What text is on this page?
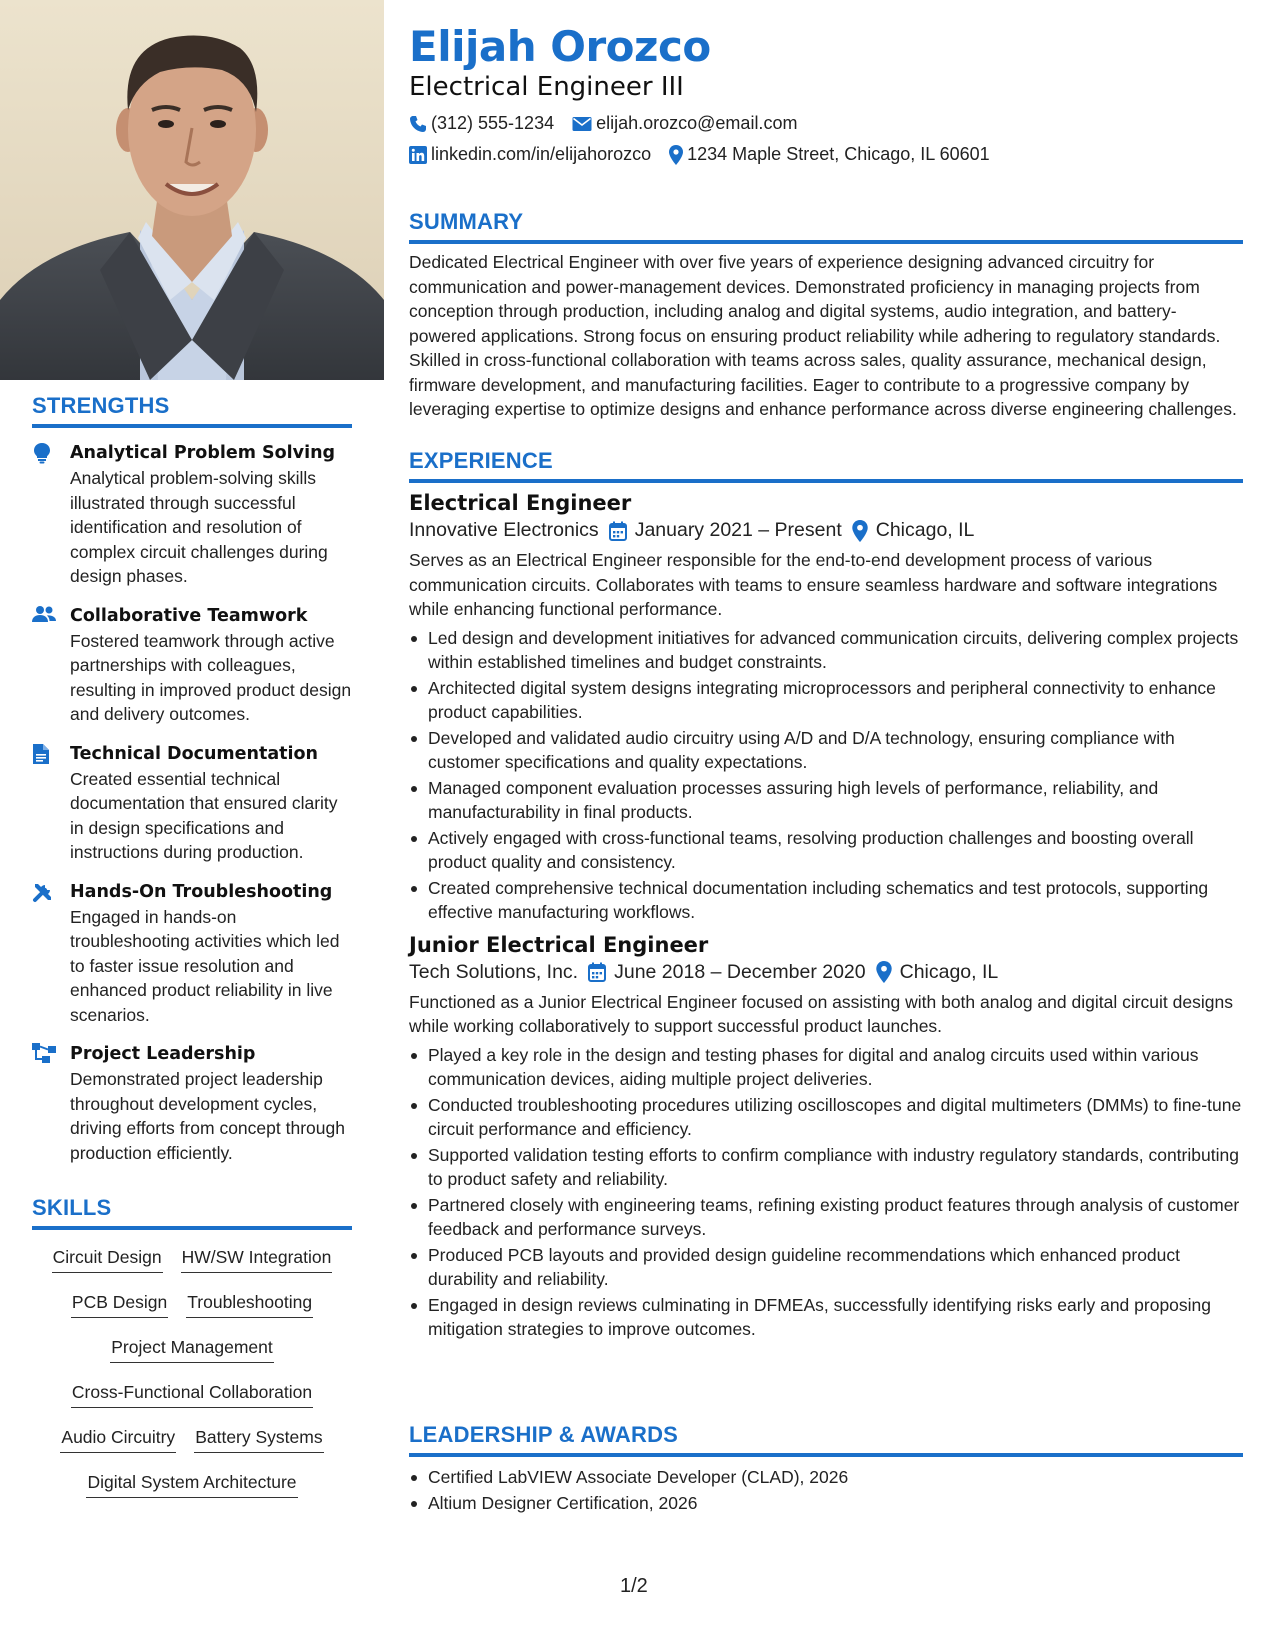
STRENGTHS
Analytical Problem Solving
Analytical problem-solving skills illustrated through successful identification and resolution of complex circuit challenges during design phases.
Collaborative Teamwork
Fostered teamwork through active partnerships with colleagues, resulting in improved product design and delivery outcomes.
Technical Documentation
Created essential technical documentation that ensured clarity in design specifications and instructions during production.
Hands-On Troubleshooting
Engaged in hands-on troubleshooting activities which led to faster issue resolution and enhanced product reliability in live scenarios.
Project Leadership
Demonstrated project leadership throughout development cycles, driving efforts from concept through production efficiently.
SKILLS
Circuit Design HW/SW Integration
PCB Design Troubleshooting
Project Management
Cross-Functional Collaboration
Audio Circuitry Battery Systems
Digital System Architecture
Elijah Orozco
Electrical Engineer III
(312) 555-1234 elijah.orozco@email.com
linkedin.com/in/elijahorozco 1234 Maple Street, Chicago, IL 60601
SUMMARY
Dedicated Electrical Engineer with over five years of experience designing advanced circuitry for communication and power-management devices. Demonstrated proficiency in managing projects from conception through production, including analog and digital systems, audio integration, and battery-powered applications. Strong focus on ensuring product reliability while adhering to regulatory standards. Skilled in cross-functional collaboration with teams across sales, quality assurance, mechanical design, firmware development, and manufacturing facilities. Eager to contribute to a progressive company by leveraging expertise to optimize designs and enhance performance across diverse engineering challenges.
EXPERIENCE
Electrical Engineer
Innovative Electronics January 2021 – Present Chicago, IL
Serves as an Electrical Engineer responsible for the end-to-end development process of various communication circuits. Collaborates with teams to ensure seamless hardware and software integrations while enhancing functional performance.
Led design and development initiatives for advanced communication circuits, delivering complex projects within established timelines and budget constraints.
Architected digital system designs integrating microprocessors and peripheral connectivity to enhance product capabilities.
Developed and validated audio circuitry using A/D and D/A technology, ensuring compliance with customer specifications and quality expectations.
Managed component evaluation processes assuring high levels of performance, reliability, and manufacturability in final products.
Actively engaged with cross-functional teams, resolving production challenges and boosting overall product quality and consistency.
Created comprehensive technical documentation including schematics and test protocols, supporting effective manufacturing workflows.
Junior Electrical Engineer
Tech Solutions, Inc. June 2018 – December 2020 Chicago, IL
Functioned as a Junior Electrical Engineer focused on assisting with both analog and digital circuit designs while working collaboratively to support successful product launches.
Played a key role in the design and testing phases for digital and analog circuits used within various communication devices, aiding multiple project deliveries.
Conducted troubleshooting procedures utilizing oscilloscopes and digital multimeters (DMMs) to fine-tune circuit performance and efficiency.
Supported validation testing efforts to confirm compliance with industry regulatory standards, contributing to product safety and reliability.
Partnered closely with engineering teams, refining existing product features through analysis of customer feedback and performance surveys.
Produced PCB layouts and provided design guideline recommendations which enhanced product durability and reliability.
Engaged in design reviews culminating in DFMEAs, successfully identifying risks early and proposing mitigation strategies to improve outcomes.
LEADERSHIP & AWARDS
Certified LabVIEW Associate Developer (CLAD), 2026
Altium Designer Certification, 2026
1/2
